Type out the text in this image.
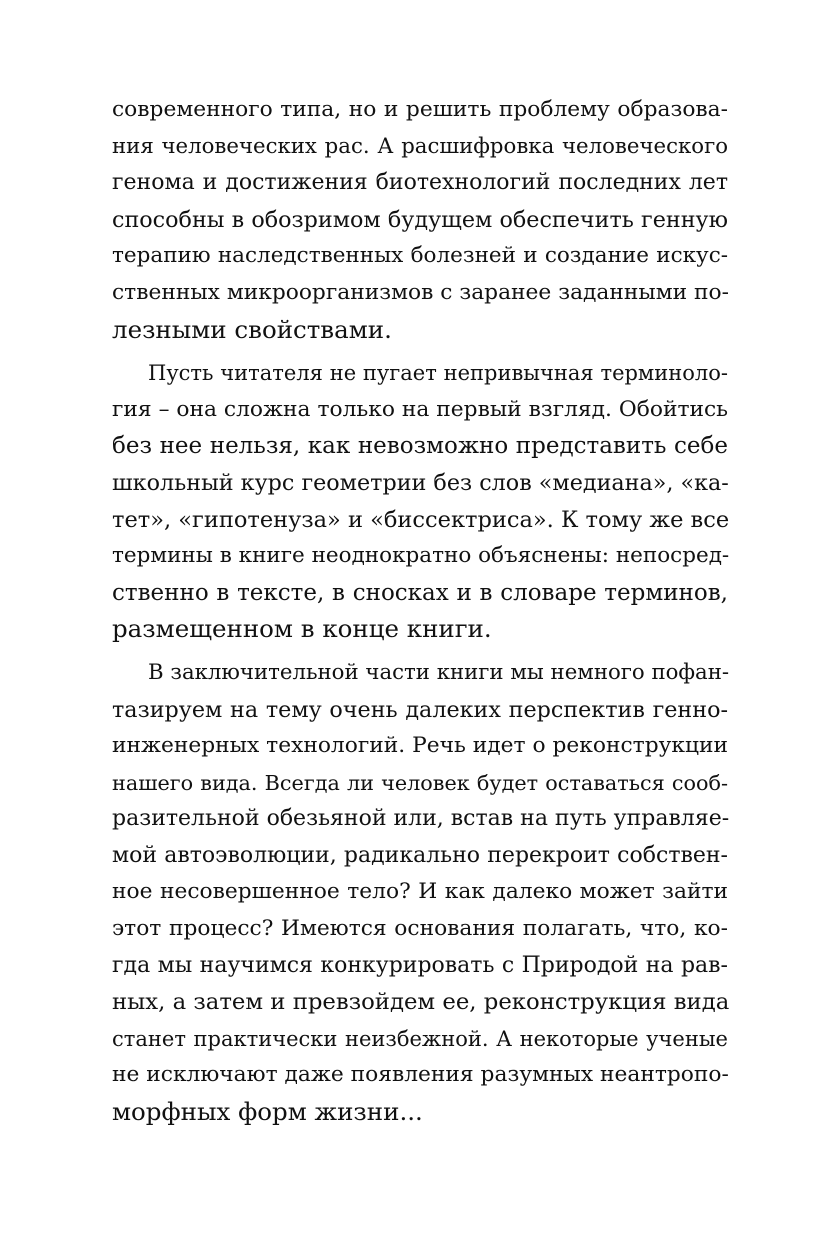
современного типа, но и решить проблему образова-
ния человеческих рас. А расшифровка человеческого
генома и достижения биотехнологий последних лет
способны в обозримом будущем обеспечить генную
терапию наследственных болезней и создание искус-
ственных микроорганизмов с заранее заданными по-
лезными свойствами.
Пусть читателя не пугает непривычная терминоло-
гия – она сложна только на первый взгляд. Обойтись
без нее нельзя, как невозможно представить себе
школьный курс геометрии без слов «медиана», «ка-
тет», «гипотенуза» и «биссектриса». К тому же все
термины в книге неоднократно объяснены: непосред-
ственно в тексте, в сносках и в словаре терминов,
размещенном в конце книги.
В заключительной части книги мы немного пофан-
тазируем на тему очень далеких перспектив генно-
инженерных технологий. Речь идет о реконструкции
нашего вида. Всегда ли человек будет оставаться сооб-
разительной обезьяной или, встав на путь управляе-
мой автоэволюции, радикально перекроит собствен-
ное несовершенное тело? И как далеко может зайти
этот процесс? Имеются основания полагать, что, ко-
гда мы научимся конкурировать с Природой на рав-
ных, а затем и превзойдем ее, реконструкция вида
станет практически неизбежной. А некоторые ученые
не исключают даже появления разумных неантропо-
морфных форм жизни...
